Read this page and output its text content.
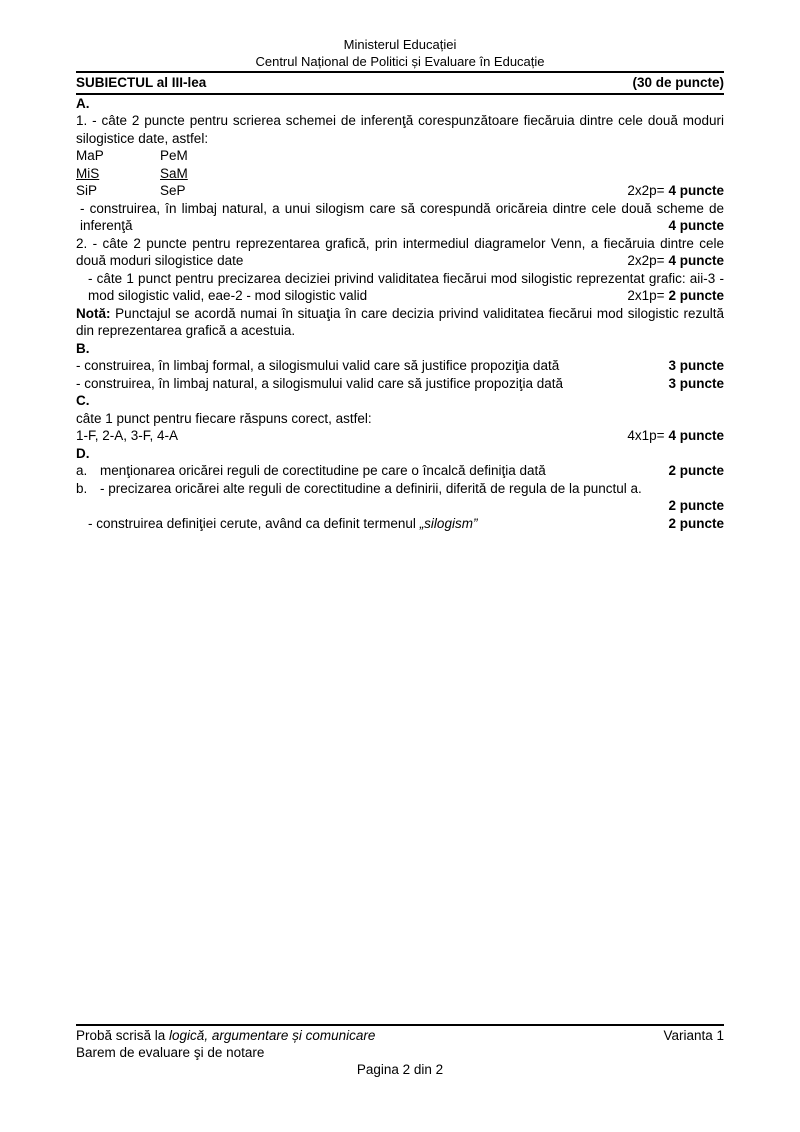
Ministerul Educației
Centrul Național de Politici și Evaluare în Educație
SUBIECTUL al III-lea	(30 de puncte)
A.
1. - câte 2 puncte pentru scrierea schemei de inferenţă corespunzătoare fiecăruia dintre cele două moduri silogistice date, astfel:
MaP	PeM
MiS	SaM
SiP	SeP	2x2p= 4 puncte
- construirea, în limbaj natural, a unui silogism care să corespundă oricăreia dintre cele două scheme de inferenţă	4 puncte
2. - câte 2 puncte pentru reprezentarea grafică, prin intermediul diagramelor Venn, a fiecăruia dintre cele două moduri silogistice date	2x2p= 4 puncte
- câte 1 punct pentru precizarea deciziei privind validitatea fiecărui mod silogistic reprezentat grafic: aii-3 - mod silogistic valid, eae-2 - mod silogistic valid	2x1p= 2 puncte
Notă: Punctajul se acordă numai în situaţia în care decizia privind validitatea fiecărui mod silogistic rezultă din reprezentarea grafică a acestuia.
B.
- construirea, în limbaj formal, a silogismului valid care să justifice propoziţia dată	3 puncte
- construirea, în limbaj natural, a silogismului valid care să justifice propoziţia dată	3 puncte
C.
câte 1 punct pentru fiecare răspuns corect, astfel:
1-F, 2-A, 3-F, 4-A	4x1p= 4 puncte
D.
a. menţionarea oricărei reguli de corectitudine pe care o încalcă definiţia dată	2 puncte
b. - precizarea oricărei alte reguli de corectitudine a definirii, diferită de regula de la punctul a.
2 puncte
- construirea definiţiei cerute, având ca definit termenul „silogism”	2 puncte
Probă scrisă la logică, argumentare și comunicare	Varianta 1
Barem de evaluare şi de notare
Pagina 2 din 2
